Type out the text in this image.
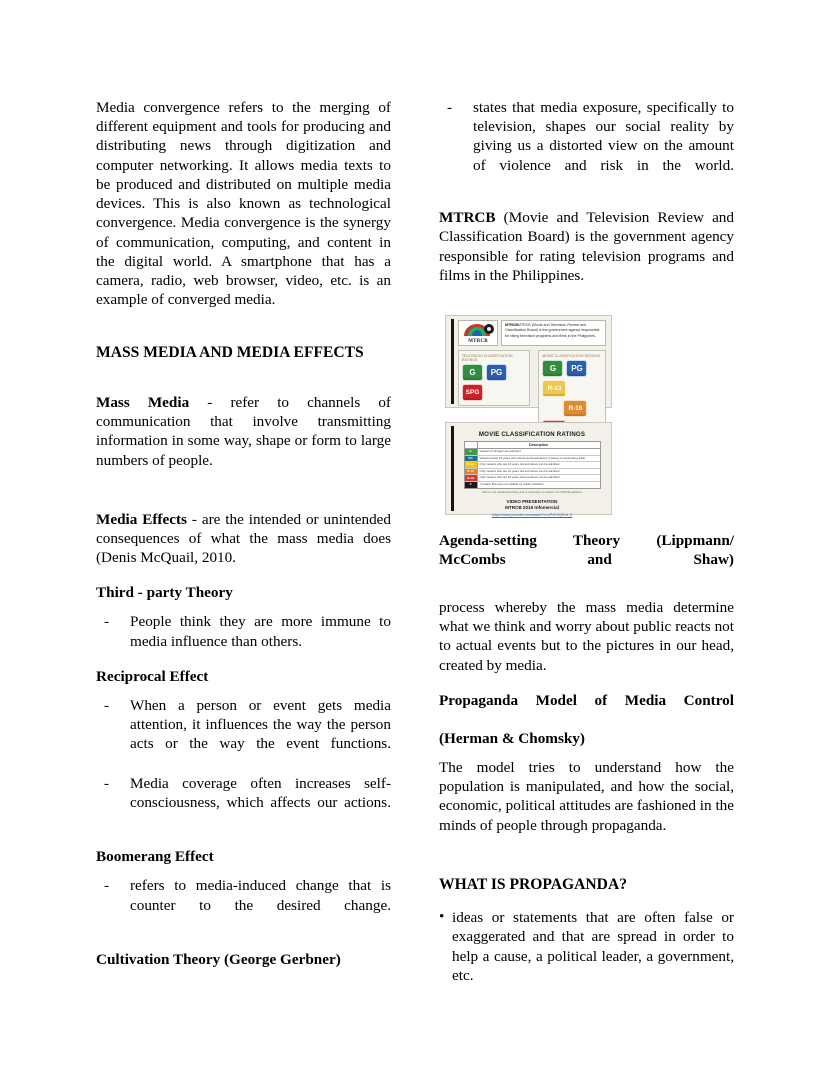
Media convergence refers to the merging of different equipment and tools for producing and distributing news through digitization and computer networking. It allows media texts to be produced and distributed on multiple media devices. This is also known as technological convergence. Media convergence is the synergy of communication, computing, and content in the digital world. A smartphone that has a camera, radio, web browser, video, etc. is an example of converged media.

MASS MEDIA AND MEDIA EFFECTS

Mass Media - refer to channels of communication that involve transmitting information in some way, shape or form to large numbers of people.

Media Effects - are the intended or unintended consequences of what the mass media does (Denis McQuail, 2010.

Third - party Theory
- People think they are more immune to media influence than others.
Reciprocal Effect
- When a person or event gets media attention, it influences the way the person acts or the way the event functions.
- Media coverage often increases self-consciousness, which affects our actions.
Boomerang Effect
- refers to media-induced change that is counter to the desired change.
Cultivation Theory (George Gerbner)
- states that media exposure, specifically to television, shapes our social reality by giving us a distorted view on the amount of violence and risk in the world.

MTRCB (Movie and Television Review and Classification Board) is the government agency responsible for rating television programs and films in the Philippines.

MTRCB

MTRCBMTRCB (Movie and Television Review and Classification Board) is the government agency responsible for rating television programs and films in the Philippines.

TELEVISION CLASSIFICATION RATINGS
G	PG
SPG
MOVIE CLASSIFICATION RATINGS
G	PG
R-13
R-16
MOVIE CLASSIFICATION RATINGS
Description
G	Viewers of all ages are admitted
PG	Viewers below 13 years old must be accompanied by a parent or supervising adult
R-13	Only viewers who are 13 years old and above can be admitted
R-16	Only viewers who are 16 years old and above can be admitted
R-18	Only viewers who are 18 years old and above can be admitted
X	“X-rated” films are not suitable for public exhibition
Above is the classification/rating and its explanation as stated in the MTRCB guidelines
VIDEO PRESENTATION
MTRCB 2016 Infomercial
https://www.youtube.com/watch?v=xPxFGQEL8_0
Agenda-setting Theory (Lippmann/ McCombs and Shaw)

process whereby the mass media determine what we think and worry about public reacts not to actual events but to the pictures in our head, created by media.

Propaganda Model of Media Control
(Herman & Chomsky)

The model tries to understand how the population is manipulated, and how the social, economic, political attitudes are fashioned in the minds of people through propaganda.

WHAT IS PROPAGANDA?
• ideas or statements that are often false or exaggerated and that are spread in order to help a cause, a political leader, a government, etc.
